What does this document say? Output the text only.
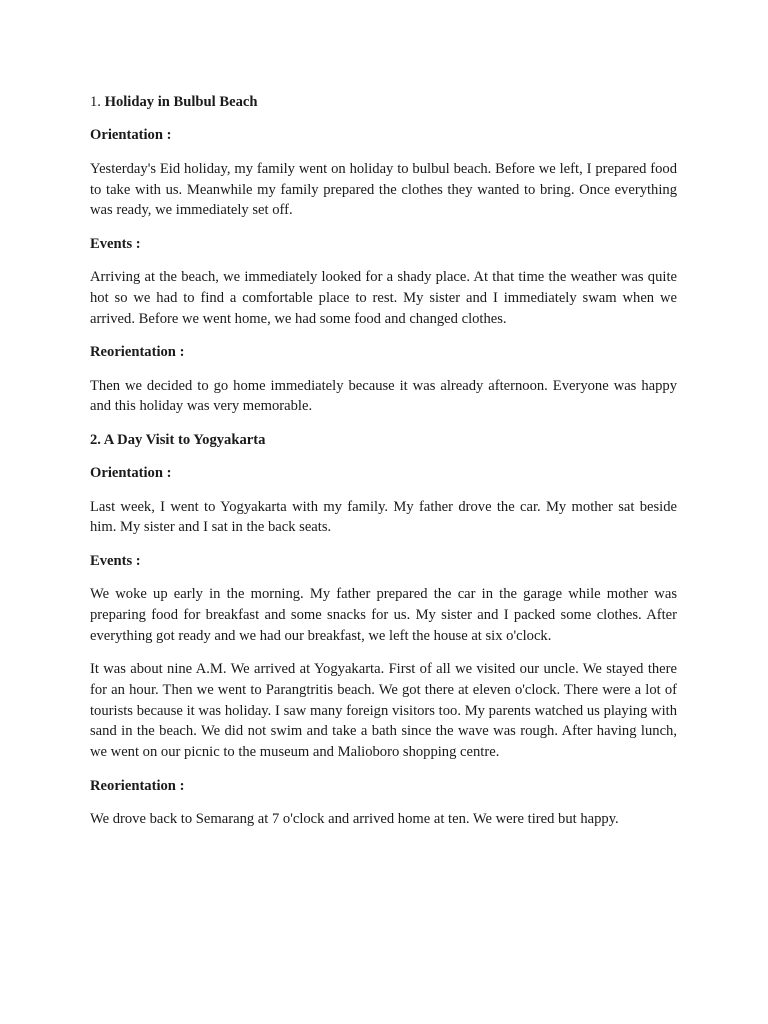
1. Holiday in Bulbul Beach
Orientation :

Yesterday's Eid holiday, my family went on holiday to bulbul beach. Before we left, I prepared food to take with us. Meanwhile my family prepared the clothes they wanted to bring. Once everything was ready, we immediately set off.

Events :

Arriving at the beach, we immediately looked for a shady place. At that time the weather was quite hot so we had to find a comfortable place to rest. My sister and I immediately swam when we arrived. Before we went home, we had some food and changed clothes.

Reorientation :

Then we decided to go home immediately because it was already afternoon. Everyone was happy and this holiday was very memorable.

2. A Day Visit to Yogyakarta
Orientation :

Last week, I went to Yogyakarta with my family. My father drove the car. My mother sat beside him. My sister and I sat in the back seats.

Events :

We woke up early in the morning. My father prepared the car in the garage while mother was preparing food for breakfast and some snacks for us. My sister and I packed some clothes. After everything got ready and we had our breakfast, we left the house at six o'clock.

It was about nine A.M. We arrived at Yogyakarta. First of all we visited our uncle. We stayed there for an hour. Then we went to Parangtritis beach. We got there at eleven o'clock. There were a lot of tourists because it was holiday. I saw many foreign visitors too. My parents watched us playing with sand in the beach. We did not swim and take a bath since the wave was rough. After having lunch, we went on our picnic to the museum and Malioboro shopping centre.

Reorientation :

We drove back to Semarang at 7 o'clock and arrived home at ten. We were tired but happy.
